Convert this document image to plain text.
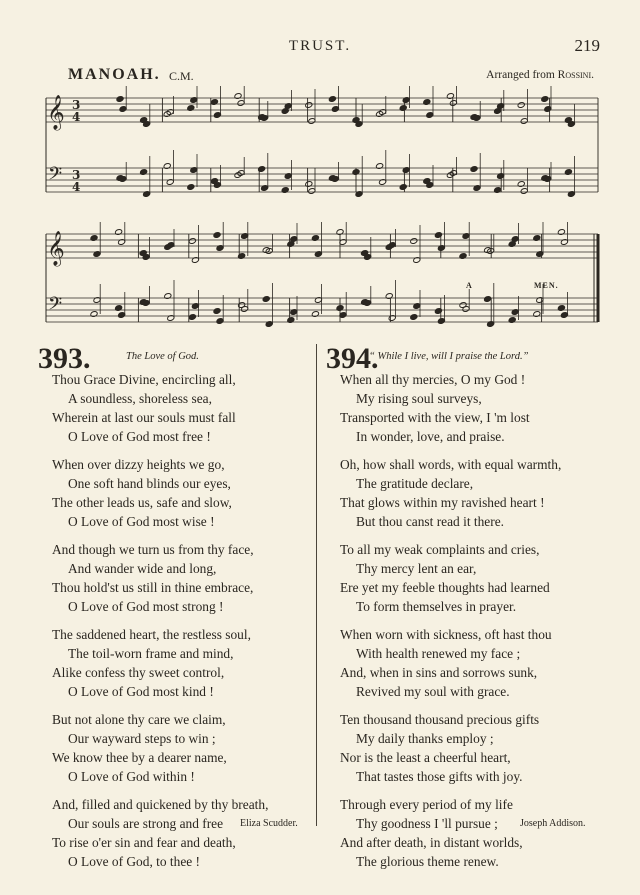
TRUST.	219
MANOAH. C.M.	Arranged from Rossini.
𝄞
𝄢
3
4
3
4
𝄞
𝄢
A	MEN.
393.	The Love of God.
Thou Grace Divine, encircling all,
A soundless, shoreless sea,
Wherein at last our souls must fall
O Love of God most free !
When over dizzy heights we go,
One soft hand blinds our eyes,
The other leads us, safe and slow,
O Love of God most wise !
And though we turn us from thy face,
And wander wide and long,
Thou hold'st us still in thine embrace,
O Love of God most strong !
The saddened heart, the restless soul,
The toil-worn frame and mind,
Alike confess thy sweet control,
O Love of God most kind !
But not alone thy care we claim,
Our wayward steps to win ;
We know thee by a dearer name,
O Love of God within !
And, filled and quickened by thy breath,
Our souls are strong and free
To rise o'er sin and fear and death,
O Love of God, to thee !
Eliza Scudder.
394.
“ While I live, will I praise the Lord.”
When all thy mercies, O my God !
My rising soul surveys,
Transported with the view, I 'm lost
In wonder, love, and praise.
Oh, how shall words, with equal warmth,
The gratitude declare,
That glows within my ravished heart !
But thou canst read it there.
To all my weak complaints and cries,
Thy mercy lent an ear,
Ere yet my feeble thoughts had learned
To form themselves in prayer.
When worn with sickness, oft hast thou
With health renewed my face ;
And, when in sins and sorrows sunk,
Revived my soul with grace.
Ten thousand thousand precious gifts
My daily thanks employ ;
Nor is the least a cheerful heart,
That tastes those gifts with joy.
Through every period of my life
Thy goodness I 'll pursue ;
And after death, in distant worlds,
The glorious theme renew.
Joseph Addison.
